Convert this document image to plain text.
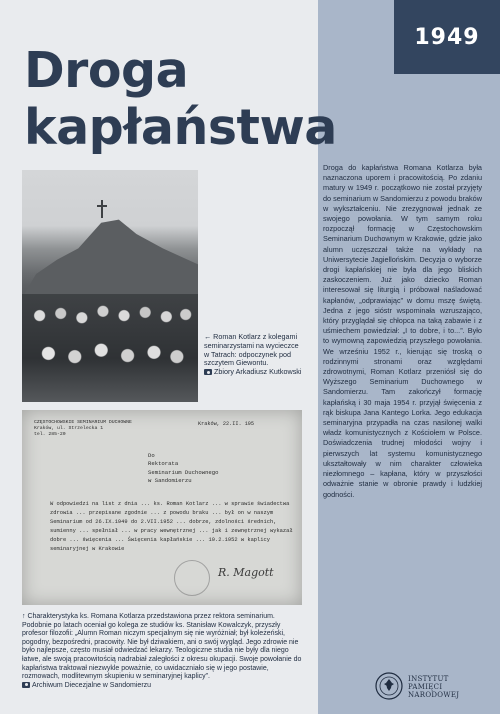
1949
Droga
kapłaństwa
← Roman Kotlarz z kolegami seminarzystami na wycieczce w Tatrach: odpoczynek pod szczytem Giewontu.
Zbiory Arkadiusz Kutkowski
CZĘSTOCHOWSKIE SEMINARIUM DUCHOWNE
Kraków, ul. Strzelecka 1
tel. 285-20
Kraków, 22.II. 195
Do
Rektorata
Seminarium Duchownego
w Sandomierzu
W odpowiedzi na list z dnia ... ks. Roman Kotlarz ... w sprawie świadectwa zdrowia ... przepisane zgodnie ... z powodu braku ... był on w naszym Seminarium od 26.IX.1949 do 2.VII.1952 ... dobrze, zdolności średnich, sumienny ... spełniał ... w pracy wewnętrznej ... jak i zewnętrznej wykazał dobre ... święcenia ... Święcenia kapłańskie ... 10.2.1952 w kaplicy seminaryjnej w Krakowie
R. Magott
↑ Charakterystyka ks. Romana Kotlarza przedstawiona przez rektora seminarium. Podobnie po latach oceniał go kolega ze studiów ks. Stanisław Kowalczyk, przyszły profesor filozofii: „Alumn Roman niczym specjalnym się nie wyróżniał; był koleżeński, pogodny, bezpośredni, pracowity. Nie był dziwakiem, ani o swój wygląd. Jego zdrowie nie było najlepsze, często musiał odwiedzać lekarzy. Teologiczne studia nie były dla niego łatwe, ale swoją pracowitością nadrabiał zaległości z okresu okupacji. Swoje powołanie do kapłaństwa traktował niezwykle poważnie, co uwidaczniało się w jego postawie, rozmowach, modlitewnym skupieniu w seminaryjnej kaplicy”.
Archiwum Diecezjalne w Sandomierzu
Droga do kapłaństwa Romana Kotlarza była naznaczona uporem i pracowitością. Po zdaniu matury w 1949 r. początkowo nie został przyjęty do seminarium w Sandomierzu z powodu braków w wykształceniu. Nie zrezygnował jednak ze swojego powołania. W tym samym roku rozpoczął formację w Częstochowskim Seminarium Duchownym w Krakowie, gdzie jako alumn uczęszczał także na wykłady na Uniwersytecie Jagiellońskim. Decyzja o wyborze drogi kapłańskiej nie była dla jego bliskich zaskoczeniem. Już jako dziecko Roman interesował się liturgią i próbował naśladować kapłanów, „odprawiając” w domu mszę świętą. Jedna z jego sióstr wspominała wzruszająco, który przyglądał się chłopca na taką zabawie i z uśmiechem powiedział: „I to dobre, i to...”. Było to wymowną zapowiedzią przyszłego powołania. We wrześniu 1952 r., kierując się troską o rodzinnymi stronami oraz względami zdrowotnymi, Roman Kotlarz przeniósł się do Wyższego Seminarium Duchownego w Sandomierzu. Tam zakończył formację kapłańską i 30 maja 1954 r. przyjął święcenia z rąk biskupa Jana Kantego Lorka. Jego edukacja seminaryjna przypadła na czas nasilonej walki władz komunistycznych z Kościołem w Polsce. Doświadczenia trudnej młodości wojny i pierwszych lat systemu komunistycznego ukształtowały w nim charakter człowieka niezłomnego – kapłana, który w przyszłości odważnie stanie w obronie prawdy i ludzkiej godności.
INSTYTUT
PAMIĘCI
NARODOWEJ
